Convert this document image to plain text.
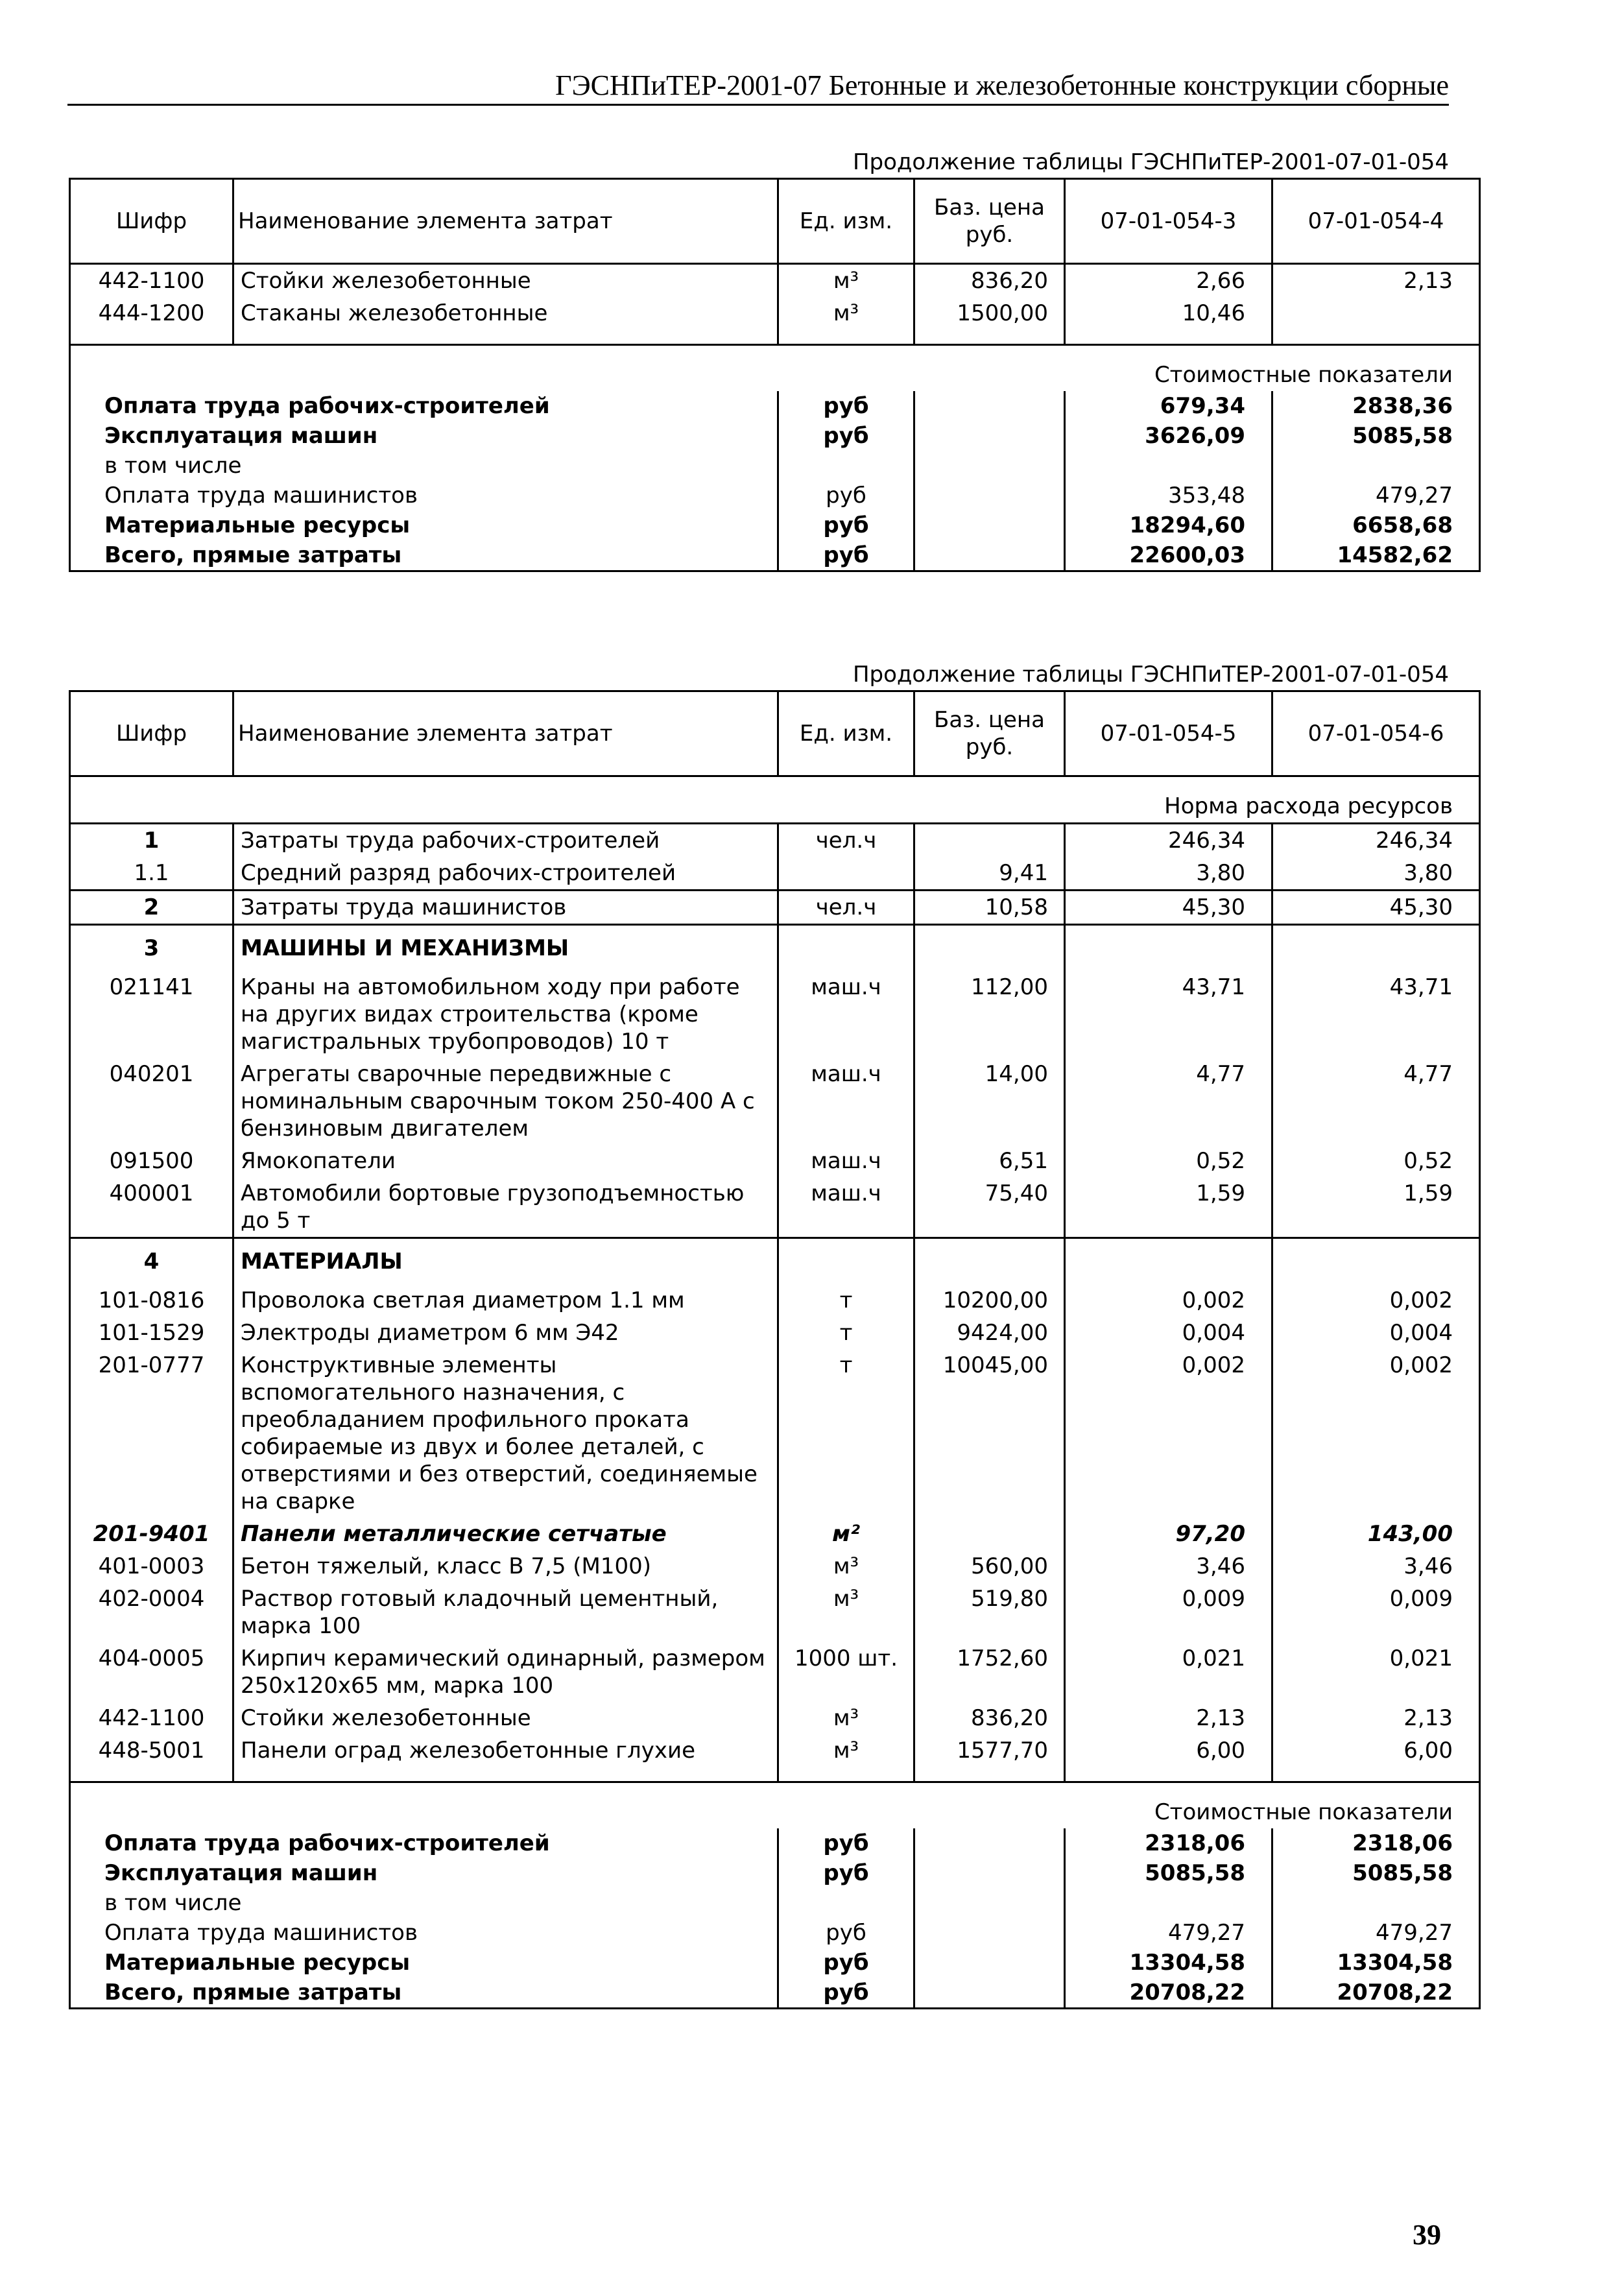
ГЭСНПиТЕР-2001-07 Бетонные и железобетонные конструкции сборные
Продолжение таблицы ГЭСНПиТЕР-2001-07-01-054
Шифр	Наименование элемента затрат	Ед. изм.	Баз. цена руб.	07-01-054-3	07-01-054-4
442-1100	Стойки железобетонные	м³	836,20	2,66	2,13
444-1200	Стаканы железобетонные	м³	1500,00	10,46	

Стоимостные показатели					
Оплата труда рабочих-строителей		руб		679,34	2838,36
Эксплуатация машин		руб		3626,09	5085,58
в том числе					
Оплата труда машинистов		руб		353,48	479,27
Материальные ресурсы		руб		18294,60	6658,68
Всего, прямые затраты		руб		22600,03	14582,62
Продолжение таблицы ГЭСНПиТЕР-2001-07-01-054
Шифр	Наименование элемента затрат	Ед. изм.	Баз. цена руб.	07-01-054-5	07-01-054-6
Норма расхода ресурсов					
1	Затраты труда рабочих-строителей	чел.ч		246,34	246,34
1.1	Средний разряд рабочих-строителей		9,41	3,80	3,80
2	Затраты труда машинистов	чел.ч	10,58	45,30	45,30
3	МАШИНЫ И МЕХАНИЗМЫ				
021141	Краны на автомобильном ходу при работе на других видах строительства (кроме магистральных трубопроводов) 10 т	маш.ч	112,00	43,71	43,71
040201	Агрегаты сварочные передвижные с номинальным сварочным током 250-400 А с бензиновым двигателем	маш.ч	14,00	4,77	4,77
091500	Ямокопатели	маш.ч	6,51	0,52	0,52
400001	Автомобили бортовые грузоподъемностью до 5 т	маш.ч	75,40	1,59	1,59
4	МАТЕРИАЛЫ				
101-0816	Проволока светлая диаметром 1.1 мм	т	10200,00	0,002	0,002
101-1529	Электроды диаметром 6 мм Э42	т	9424,00	0,004	0,004
201-0777	Конструктивные элементы вспомогательного назначения, с преобладанием профильного проката собираемые из двух и более деталей, с отверстиями и без отверстий, соединяемые на сварке	т	10045,00	0,002	0,002
201-9401	Панели металлические сетчатые	м²		97,20	143,00
401-0003	Бетон тяжелый, класс В 7,5 (М100)	м³	560,00	3,46	3,46
402-0004	Раствор готовый кладочный цементный, марка 100	м³	519,80	0,009	0,009
404-0005	Кирпич керамический одинарный, размером 250х120х65 мм, марка 100	1000 шт.	1752,60	0,021	0,021
442-1100	Стойки железобетонные	м³	836,20	2,13	2,13
448-5001	Панели оград железобетонные глухие	м³	1577,70	6,00	6,00

Стоимостные показатели					
Оплата труда рабочих-строителей		руб		2318,06	2318,06
Эксплуатация машин		руб		5085,58	5085,58
в том числе					
Оплата труда машинистов		руб		479,27	479,27
Материальные ресурсы		руб		13304,58	13304,58
Всего, прямые затраты		руб		20708,22	20708,22
39
